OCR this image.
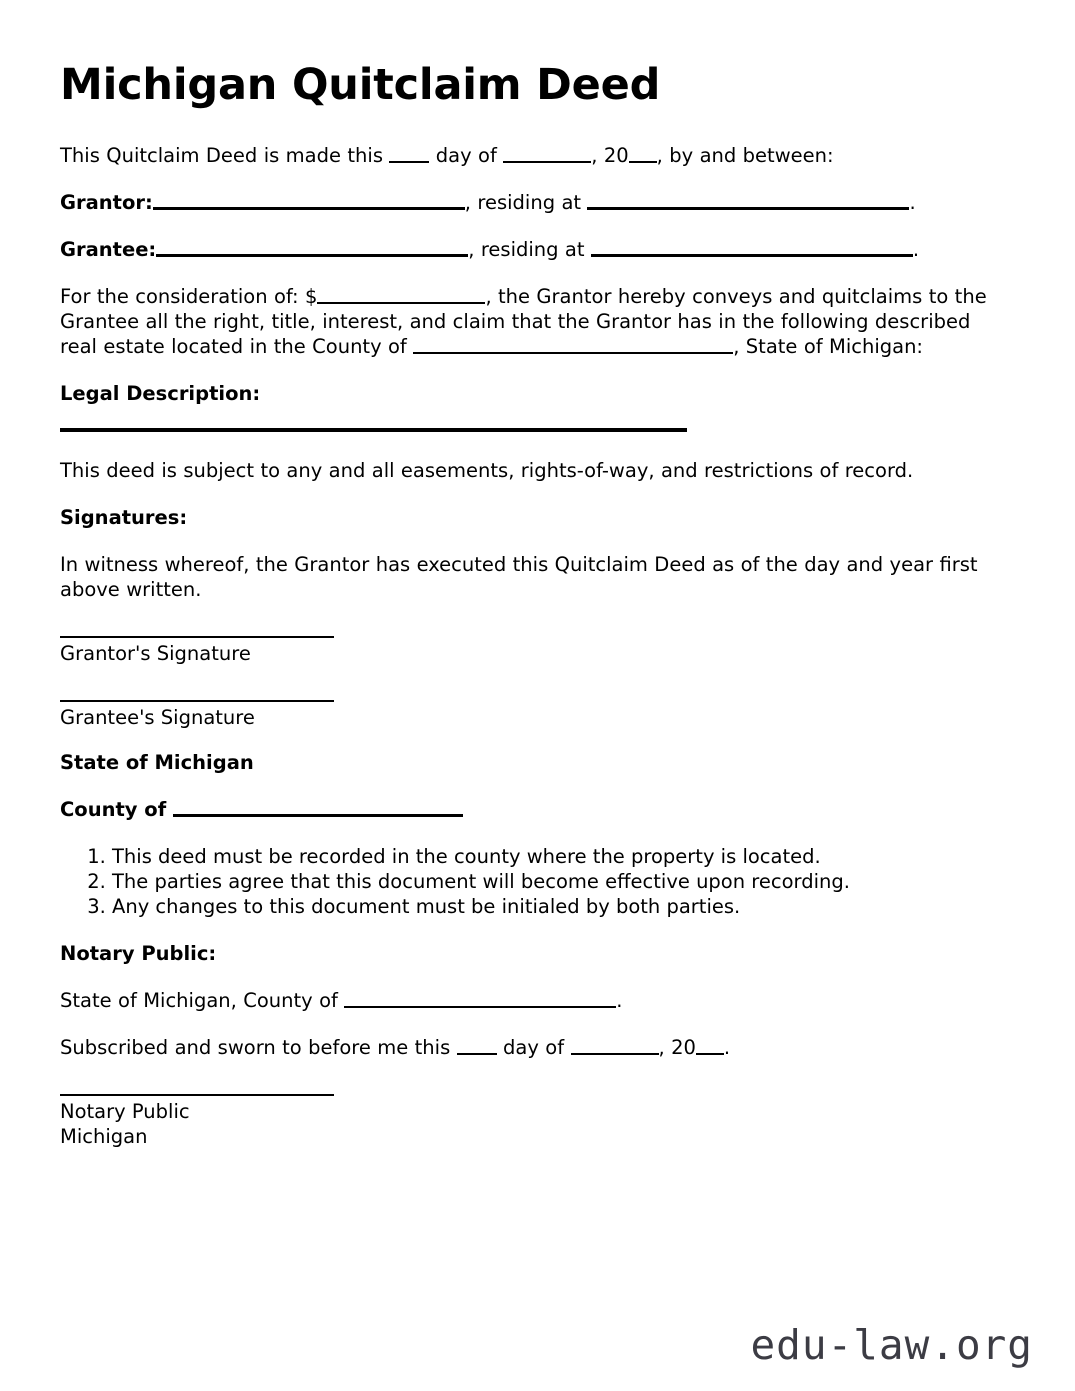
Michigan Quitclaim Deed

This Quitclaim Deed is made this  day of	, 20 , by and between:

Grantor:	, residing at	.

Grantee:	, residing at	.

For the consideration of: $	, the Grantor hereby conveys and quitclaims to the Grantee all the right, title, interest, and claim that the Grantor has in the following described real estate located in the County of	, State of Michigan:

Legal Description:

This deed is subject to any and all easements, rights-of-way, and restrictions of record.

Signatures:

In witness whereof, the Grantor has executed this Quitclaim Deed as of the day and year first above written.

Grantor's Signature
Grantee's Signature

State of Michigan

County of

1. This deed must be recorded in the county where the property is located.
2. The parties agree that this document will become effective upon recording.
3. Any changes to this document must be initialed by both parties.

Notary Public:

State of Michigan, County of	.

Subscribed and sworn to before me this  day of	, 20 .

Notary Public
Michigan
edu-law.org
